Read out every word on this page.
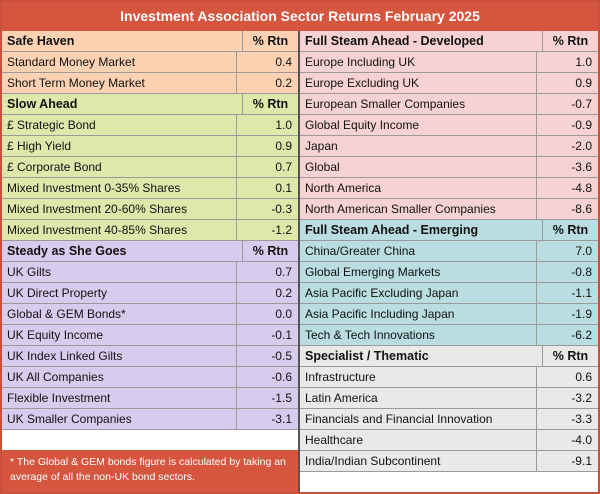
Investment Association Sector Returns February 2025
Safe Haven	% Rtn
Standard Money Market	0.4
Short Term Money Market	0.2
Slow Ahead	% Rtn
£ Strategic Bond	1.0
£ High Yield	0.9
£ Corporate Bond	0.7
Mixed Investment 0-35% Shares	0.1
Mixed Investment 20-60% Shares	-0.3
Mixed Investment 40-85% Shares	-1.2
Steady as She Goes	% Rtn
UK Gilts	0.7
UK Direct Property	0.2
Global & GEM Bonds*	0.0
UK Equity Income	-0.1
UK Index Linked Gilts	-0.5
UK All Companies	-0.6
Flexible Investment	-1.5
UK Smaller Companies	-3.1
* The Global & GEM bonds figure is calculated by taking an average of all the non-UK bond sectors.
Full Steam Ahead - Developed	% Rtn
Europe Including UK	1.0
Europe Excluding UK	0.9
European Smaller Companies	-0.7
Global Equity Income	-0.9
Japan	-2.0
Global	-3.6
North America	-4.8
North American Smaller Companies	-8.6
Full Steam Ahead - Emerging	% Rtn
China/Greater China	7.0
Global Emerging Markets	-0.8
Asia Pacific Excluding Japan	-1.1
Asia Pacific Including Japan	-1.9
Tech & Tech Innovations	-6.2
Specialist / Thematic	% Rtn
Infrastructure	0.6
Latin America	-3.2
Financials and Financial Innovation	-3.3
Healthcare	-4.0
India/Indian Subcontinent	-9.1
